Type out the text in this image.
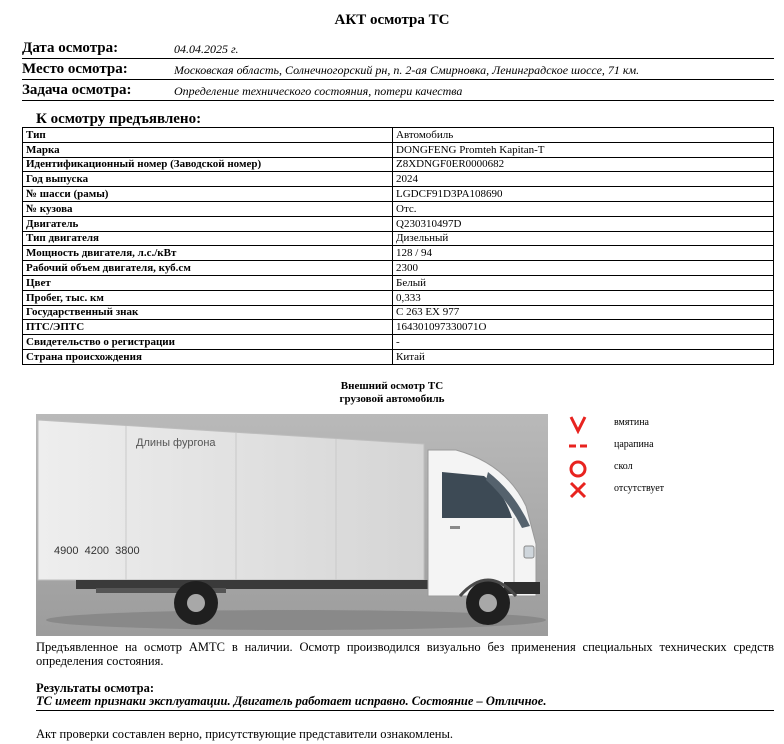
АКТ осмотра ТС
Дата осмотра:	04.04.2025 г.
Место осмотра:	Московская область, Солнечногорский рн, п. 2-ая Смирновка, Ленинградское шоссе, 71 км.
Задача осмотра:	Определение технического состояния, потери качества
К осмотру предъявлено:
Тип	Автомобиль
Марка	DONGFENG Promteh Kapitan-T
Идентификационный номер (Заводской номер)	Z8XDNGF0ER0000682
Год выпуска	2024
№ шасси (рамы)	LGDCF91D3PA108690
№ кузова	Отс.
Двигатель	Q230310497D
Тип двигателя	Дизельный
Мощность двигателя, л.с./кВт	128 / 94
Рабочий объем двигателя, куб.см	2300
Цвет	Белый
Пробег, тыс. км	0,333
Государственный знак	С 263 ЕХ 977
ПТС/ЭПТС	164301097330071О
Свидетельство о регистрации	-
Страна происхождения	Китай
Внешний осмотр ТС
грузовой автомобиль
Длины фургона
4900  4200  3800
вмятина
царапина
скол
отсутствует
Предъявленное на осмотр АМТС в наличии. Осмотр производился визуально без применения специальных технических средств определения состояния.
Результаты осмотра:
ТС имеет признаки эксплуатации. Двигатель работает исправно. Состояние – Отличное.
Акт проверки составлен верно, присутствующие представители ознакомлены.
